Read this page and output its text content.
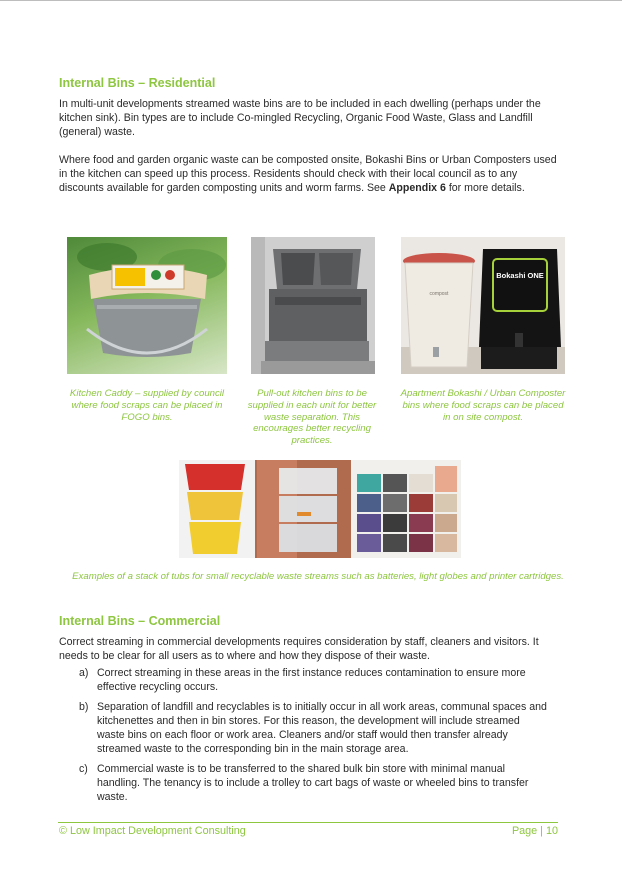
Internal Bins – Residential
In multi-unit developments streamed waste bins are to be included in each dwelling (perhaps under the kitchen sink). Bin types are to include Co-mingled Recycling, Organic Food Waste, Glass and Landfill (general) waste.
Where food and garden organic waste can be composted onsite, Bokashi Bins or Urban Composters used in the kitchen can speed up this process. Residents should check with their local council as to any discounts available for garden composting units and worm farms. See Appendix 6 for more details.
compost
Bokashi ONE
Kitchen Caddy – supplied by council where food scraps can be placed in FOGO bins.
Pull-out kitchen bins to be supplied in each unit for better waste separation. This encourages better recycling practices.
Apartment Bokashi / Urban Composter bins where food scraps can be placed in on site compost.
Examples of a stack of tubs for small recyclable waste streams such as batteries, light globes and printer cartridges.
Internal Bins – Commercial
Correct streaming in commercial developments requires consideration by staff, cleaners and visitors. It needs to be clear for all users as to where and how they dispose of their waste.
a) Correct streaming in these areas in the first instance reduces contamination to ensure more effective recycling occurs.
b) Separation of landfill and recyclables is to initially occur in all work areas, communal spaces and kitchenettes and then in bin stores. For this reason, the development will include streamed waste bins on each floor or work area. Cleaners and/or staff would then transfer already streamed waste to the corresponding bin in the main storage area.
c) Commercial waste is to be transferred to the shared bulk bin store with minimal manual handling. The tenancy is to include a trolley to cart bags of waste or wheeled bins to transfer waste.
© Low Impact Development Consulting	Page | 10
